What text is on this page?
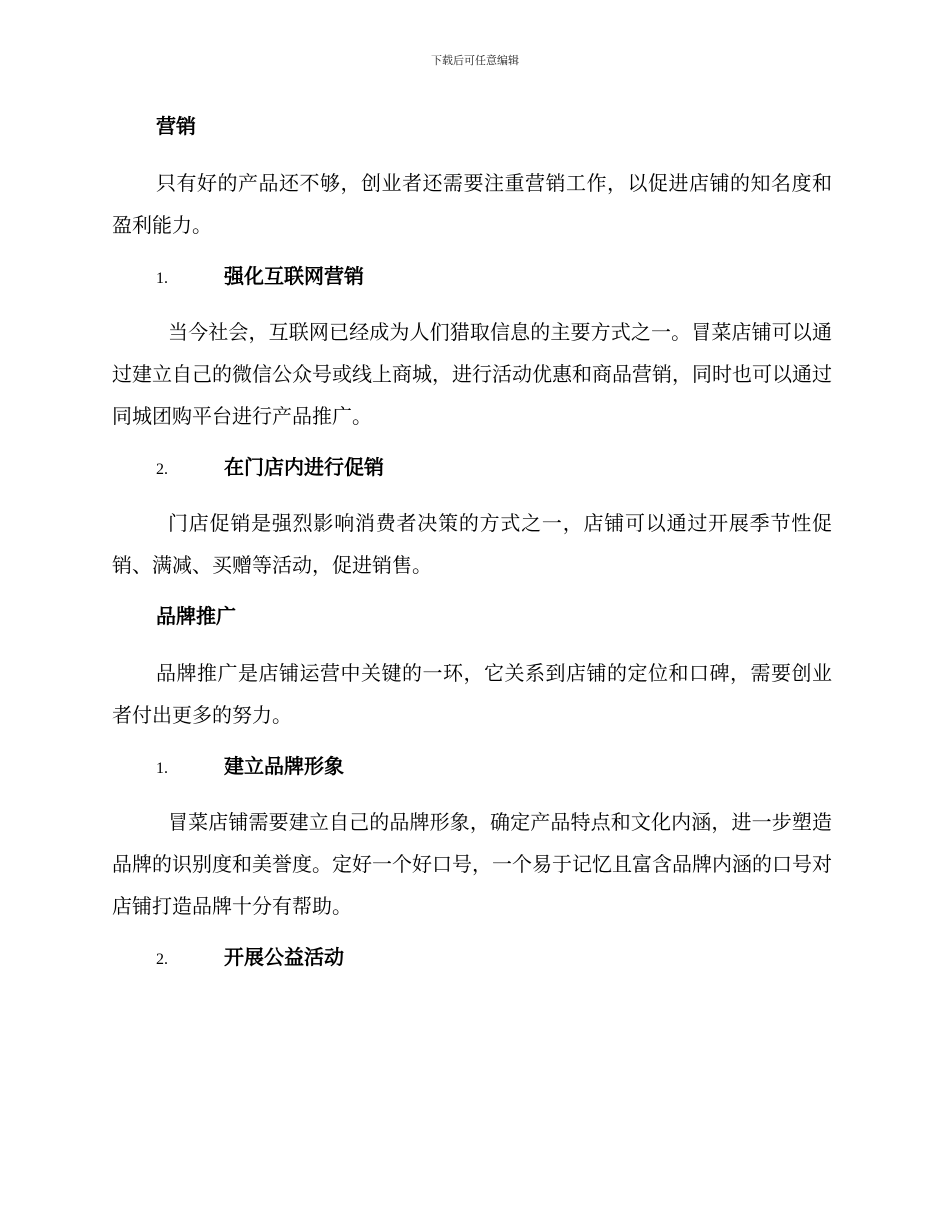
下载后可任意编辑
营销

只有好的产品还不够，创业者还需要注重营销工作，以促进店铺的知名度和盈利能力。

1.	强化互联网营销

当今社会，互联网已经成为人们猎取信息的主要方式之一。冒菜店铺可以通过建立自己的微信公众号或线上商城，进行活动优惠和商品营销，同时也可以通过同城团购平台进行产品推广。

2.	在门店内进行促销

门店促销是强烈影响消费者决策的方式之一，店铺可以通过开展季节性促销、满减、买赠等活动，促进销售。

品牌推广

品牌推广是店铺运营中关键的一环，它关系到店铺的定位和口碑，需要创业者付出更多的努力。

1.	建立品牌形象

冒菜店铺需要建立自己的品牌形象，确定产品特点和文化内涵，进一步塑造品牌的识别度和美誉度。定好一个好口号，一个易于记忆且富含品牌内涵的口号对店铺打造品牌十分有帮助。

2.	开展公益活动
